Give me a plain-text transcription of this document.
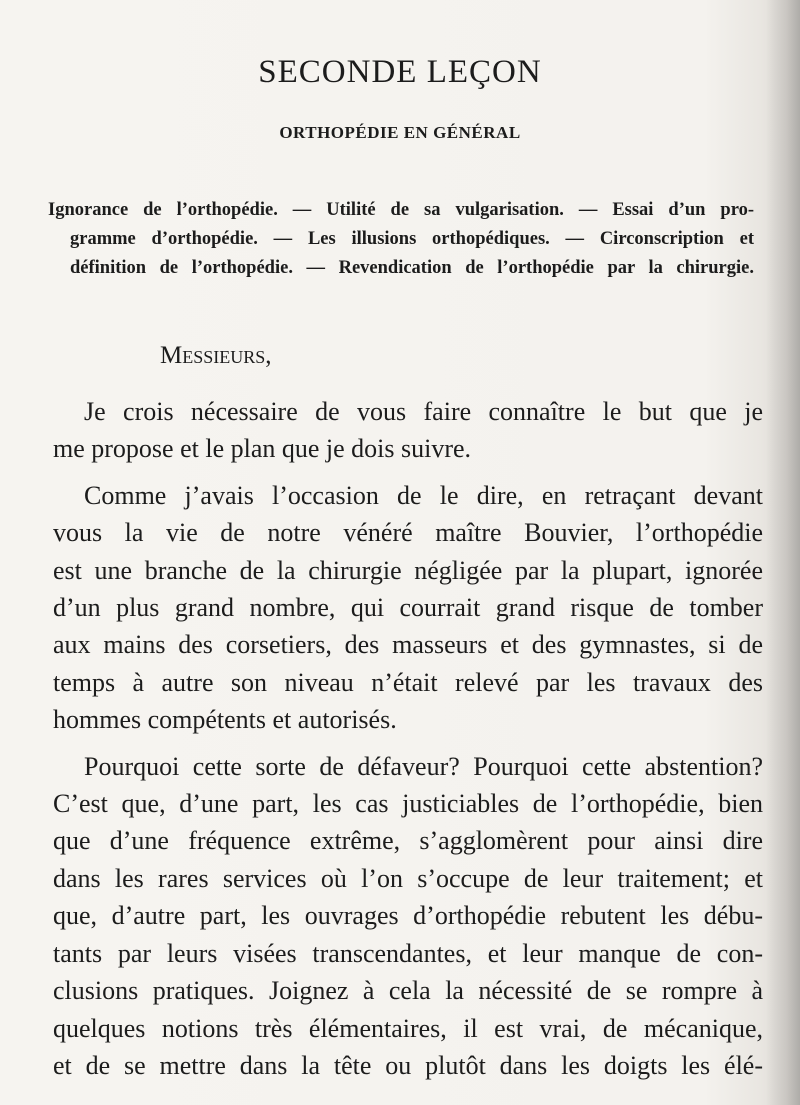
SECONDE LEÇON
ORTHOPÉDIE EN GÉNÉRAL
Ignorance de l’orthopédie. — Utilité de sa vulgarisation. — Essai d’un pro-
gramme d’orthopédie. — Les illusions orthopédiques. — Circonscription et
définition de l’orthopédie. — Revendication de l’orthopédie par la chirurgie.
Messieurs,

Je crois nécessaire de vous faire connaître le but que je
me propose et le plan que je dois suivre.

Comme j’avais l’occasion de le dire, en retraçant devant
vous la vie de notre vénéré maître Bouvier, l’orthopédie
est une branche de la chirurgie négligée par la plupart, ignorée
d’un plus grand nombre, qui courrait grand risque de tomber
aux mains des corsetiers, des masseurs et des gymnastes, si de
temps à autre son niveau n’était relevé par les travaux des
hommes compétents et autorisés.

Pourquoi cette sorte de défaveur? Pourquoi cette abstention?
C’est que, d’une part, les cas justiciables de l’orthopédie, bien
que d’une fréquence extrême, s’agglomèrent pour ainsi dire
dans les rares services où l’on s’occupe de leur traitement; et
que, d’autre part, les ouvrages d’orthopédie rebutent les débu-
tants par leurs visées transcendantes, et leur manque de con-
clusions pratiques. Joignez à cela la nécessité de se rompre à
quelques notions très élémentaires, il est vrai, de mécanique,
et de se mettre dans la tête ou plutôt dans les doigts les élé-
